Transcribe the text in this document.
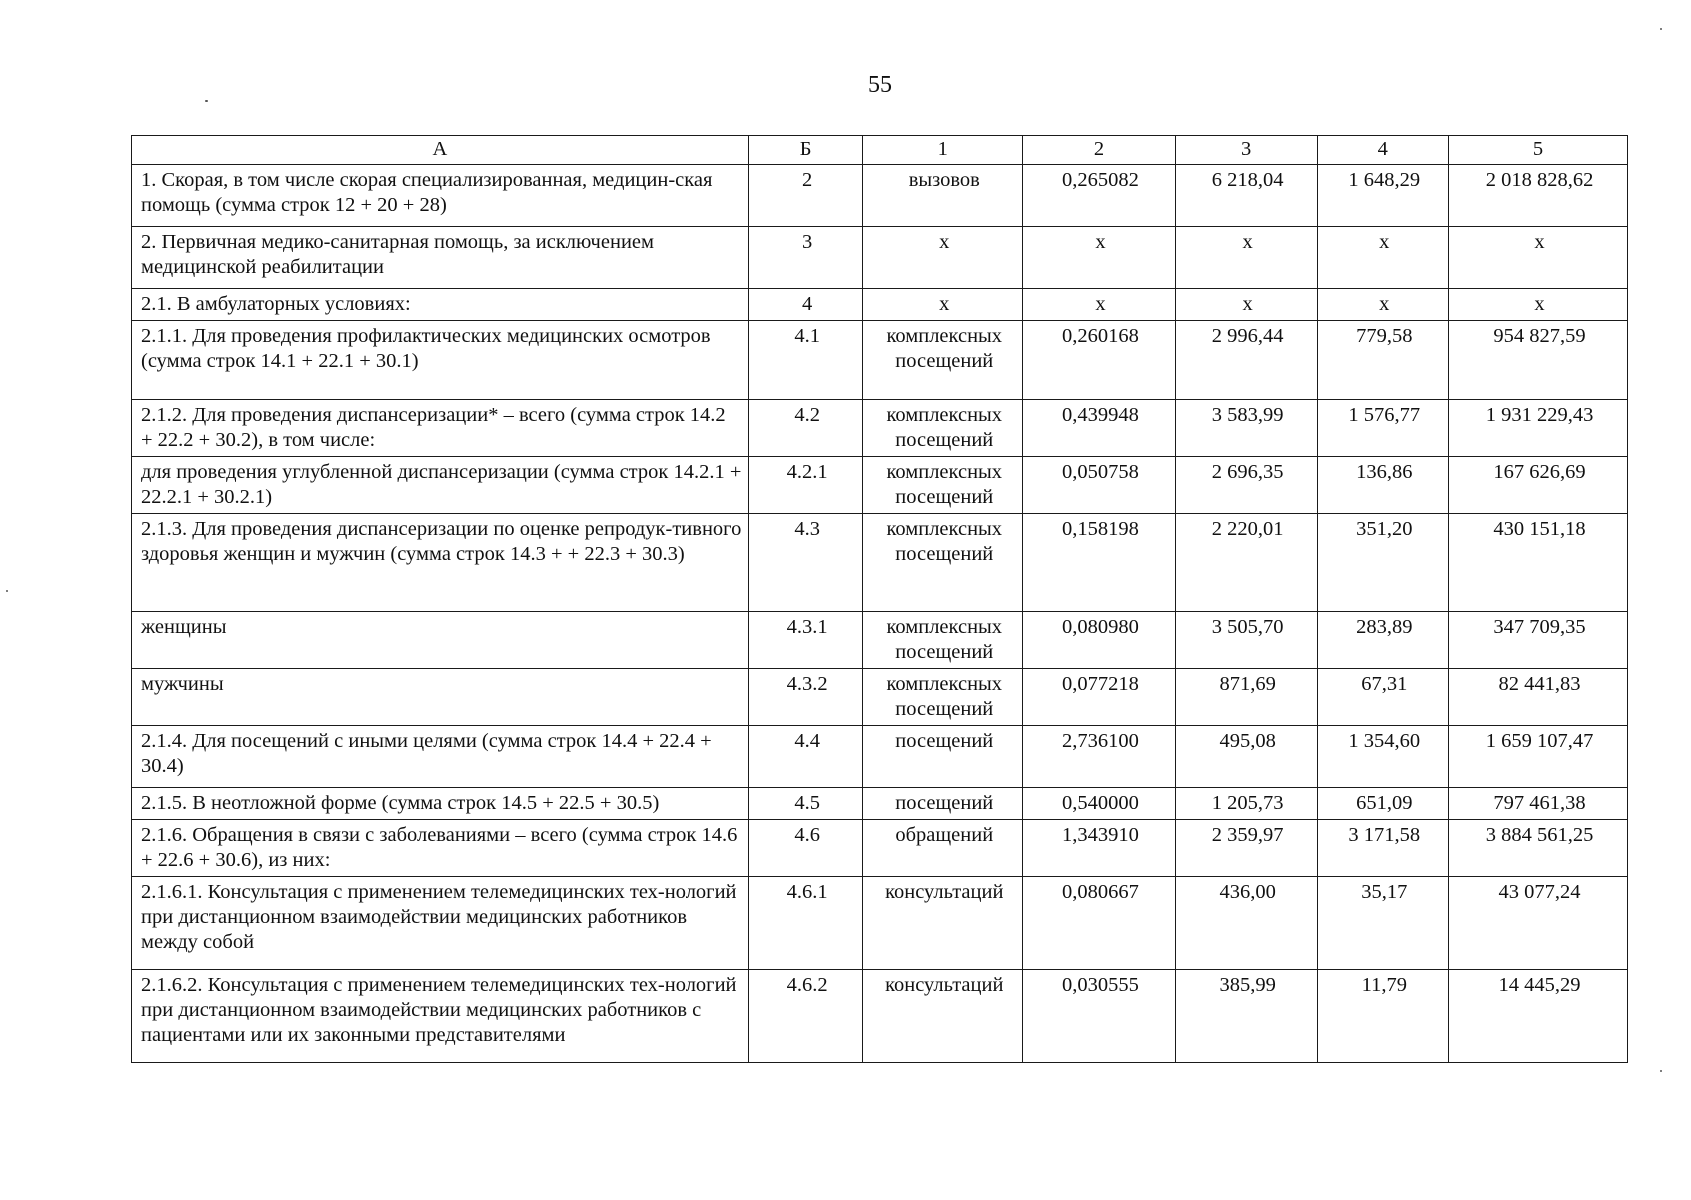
55
А	Б	1	2	3	4	5
1. Скорая, в том числе скорая специализированная, медицин-ская помощь (сумма строк 12 + 20 + 28)	2	вызовов	0,265082	6 218,04	1 648,29	2 018 828,62
2. Первичная медико-санитарная помощь, за исключением медицинской реабилитации	3	х	х	х	х	х
2.1. В амбулаторных условиях:	4	х	х	х	х	х
2.1.1. Для проведения профилактических медицинских осмотров (сумма строк 14.1 + 22.1 + 30.1)	4.1	комплексных посещений	0,260168	2 996,44	779,58	954 827,59
2.1.2. Для проведения диспансеризации* – всего (сумма строк 14.2 + 22.2 + 30.2), в том числе:	4.2	комплексных посещений	0,439948	3 583,99	1 576,77	1 931 229,43
для проведения углубленной диспансеризации (сумма строк 14.2.1 + 22.2.1 + 30.2.1)	4.2.1	комплексных посещений	0,050758	2 696,35	136,86	167 626,69
2.1.3. Для проведения диспансеризации по оценке репродук-тивного здоровья женщин и мужчин (сумма строк 14.3 + + 22.3 + 30.3)	4.3	комплексных посещений	0,158198	2 220,01	351,20	430 151,18
женщины	4.3.1	комплексных посещений	0,080980	3 505,70	283,89	347 709,35
мужчины	4.3.2	комплексных посещений	0,077218	871,69	67,31	82 441,83
2.1.4. Для посещений с иными целями (сумма строк 14.4 + 22.4 + 30.4)	4.4	посещений	2,736100	495,08	1 354,60	1 659 107,47
2.1.5. В неотложной форме (сумма строк 14.5 + 22.5 + 30.5)	4.5	посещений	0,540000	1 205,73	651,09	797 461,38
2.1.6. Обращения в связи с заболеваниями – всего (сумма строк 14.6 + 22.6 + 30.6), из них:	4.6	обращений	1,343910	2 359,97	3 171,58	3 884 561,25
2.1.6.1. Консультация с применением телемедицинских тех-нологий при дистанционном взаимодействии медицинских работников между собой	4.6.1	консультаций	0,080667	436,00	35,17	43 077,24
2.1.6.2. Консультация с применением телемедицинских тех-нологий при дистанционном взаимодействии медицинских работников с пациентами или их законными представителями	4.6.2	консультаций	0,030555	385,99	11,79	14 445,29
